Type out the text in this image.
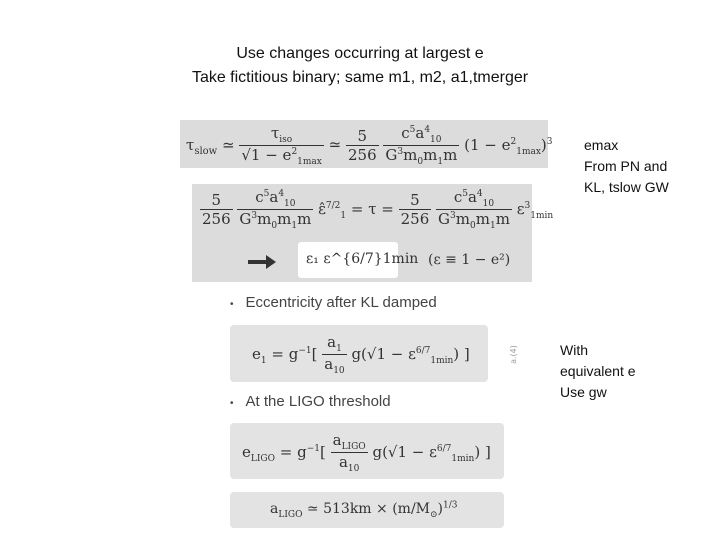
Use changes occurring at largest e
Take fictitious binary; same m1, m2, a1,tmerger
$\tau_{slow}$ ≃ $\frac{\tau_{iso}}{√1 - e^2_{1max}}$ ≃ $\frac{5}{256}$
$\frac{c^5a^4_{10}}{G^3m_0m_1m} (1 - e^2_{1max})^3$
$\frac{5}{256}$
$\frac{c^5a^4_{10}}{G^3m_0m_1m}$ ε̂$^{7/2}_1$ = $\tau = \frac{5}{256}$
$\frac{c^5a^4_{10}}{G^3m_0m_1m} \varepsilon^3_{1min}$
ε₁ ε^{6/7}1min (ε ≡ 1 − e²)
emax
From PN and
KL, tslow GW
• Eccentricity after KL damped
$e_1 = g^{-1}[ \frac{a_1}{a_{10}} g(√1 - \varepsilon^{6/7}_{1min})$ ]	a.(4)	With
equivalent e
Use gw
• At the LIGO threshold
$e_{LIGO} = g^{-1}[ \frac{a_{LIGO}}{a_{10}} g(√1 - \varepsilon^{6/7}_{1min})$ ]
$a_{LIGO}$ ≃ $513km \times (m/M_⊙)^{1/3}$
